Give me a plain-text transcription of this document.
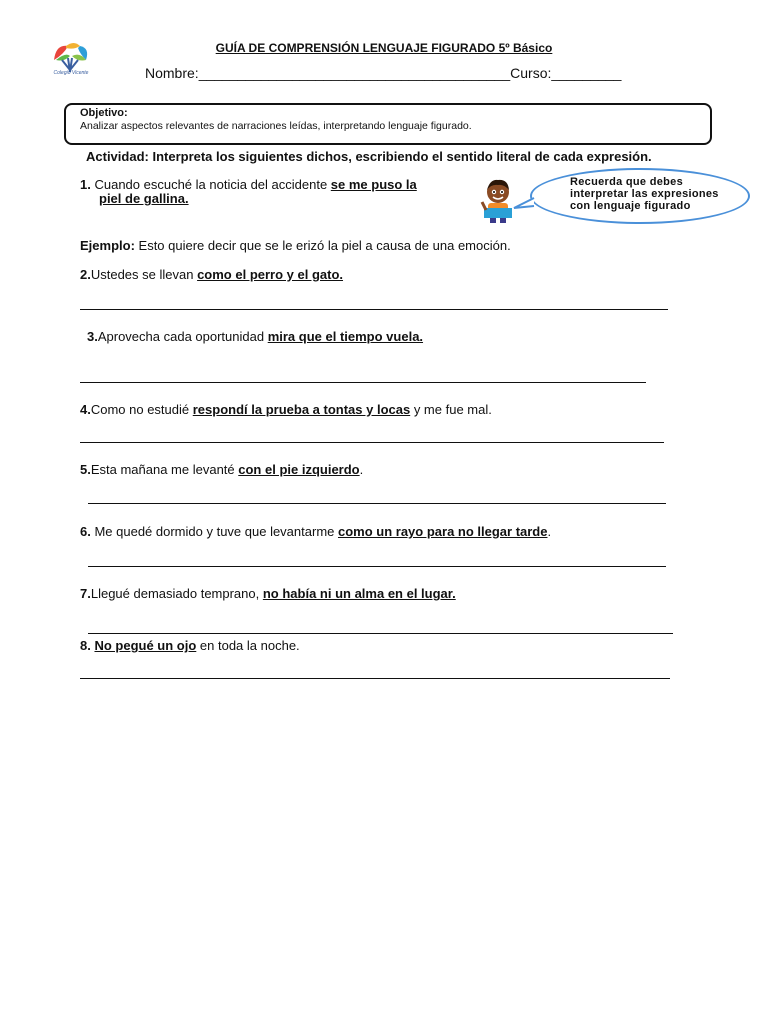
Colegio Vicente
GUÍA DE COMPRENSIÓN LENGUAJE FIGURADO 5º Básico
Nombre:________________________________________Curso:_________
Objetivo:
Analizar aspectos relevantes de narraciones leídas, interpretando lenguaje figurado.
Actividad: Interpreta los siguientes dichos, escribiendo el sentido literal de cada expresión.
1. Cuando escuché la noticia del accidente se me puso la
piel de gallina.
Recuerda que debes interpretar las expresiones con lenguaje figurado
Ejemplo: Esto quiere decir que se le erizó la piel a causa de una emoción.
2.Ustedes se llevan como el perro y el gato.
3.Aprovecha cada oportunidad mira que el tiempo vuela.
4.Como no estudié respondí la prueba a tontas y locas y me fue mal.
5.Esta mañana me levanté con el pie izquierdo.
6. Me quedé dormido y tuve que levantarme como un rayo para no llegar tarde.
7.Llegué demasiado temprano, no había ni un alma en el lugar.
8. No pegué un ojo en toda la noche.
